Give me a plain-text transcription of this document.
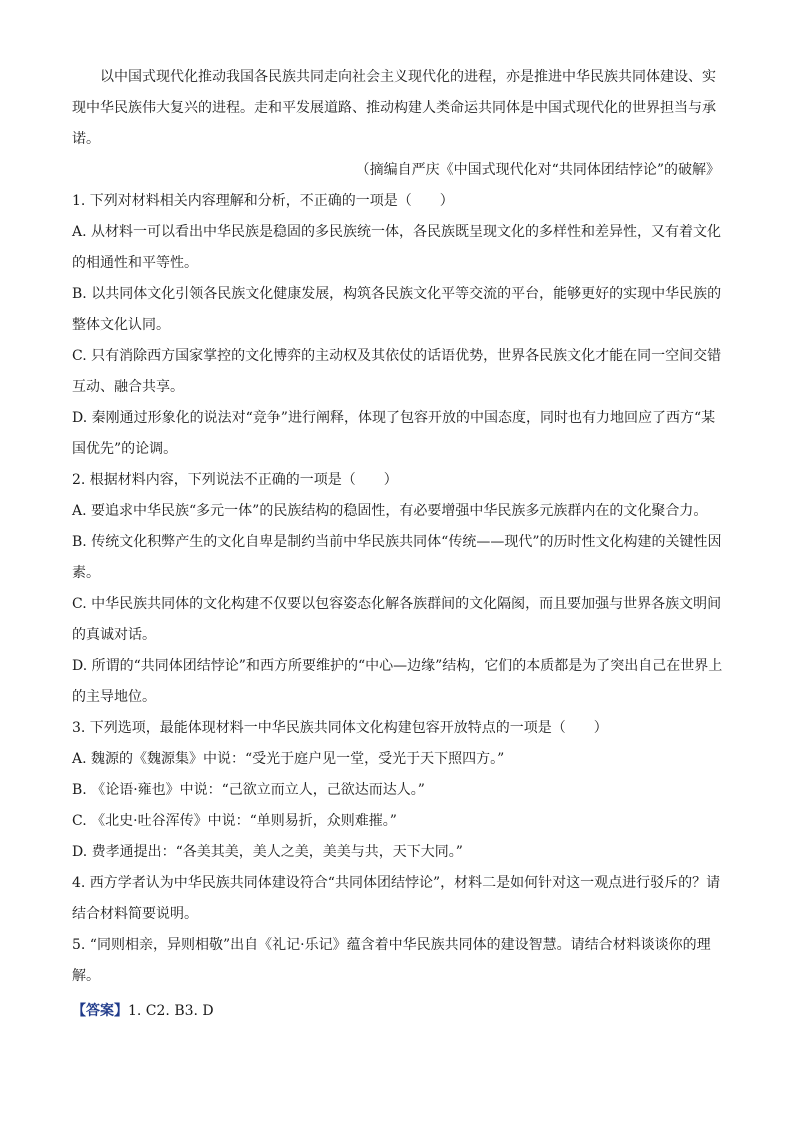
以中国式现代化推动我国各民族共同走向社会主义现代化的进程，亦是推进中华民族共同体建设、实现中华民族伟大复兴的进程。走和平发展道路、推动构建人类命运共同体是中国式现代化的世界担当与承诺。

（摘编自严庆《中国式现代化对“共同体团结悖论”的破解》

1. 下列对材料相关内容理解和分析，不正确的一项是（　　）

A. 从材料一可以看出中华民族是稳固的多民族统一体，各民族既呈现文化的多样性和差异性，又有着文化的相通性和平等性。

B. 以共同体文化引领各民族文化健康发展，构筑各民族文化平等交流的平台，能够更好的实现中华民族的整体文化认同。

C. 只有消除西方国家掌控的文化博弈的主动权及其依仗的话语优势，世界各民族文化才能在同一空间交错互动、融合共享。

D. 秦刚通过形象化的说法对“竞争”进行阐释，体现了包容开放的中国态度，同时也有力地回应了西方“某国优先”的论调。

2. 根据材料内容，下列说法不正确的一项是（　　）

A. 要追求中华民族“多元一体”的民族结构的稳固性，有必要增强中华民族多元族群内在的文化聚合力。

B. 传统文化积弊产生的文化自卑是制约当前中华民族共同体“传统——现代”的历时性文化构建的关键性因素。

C. 中华民族共同体的文化构建不仅要以包容姿态化解各族群间的文化隔阂，而且要加强与世界各族文明间的真诚对话。

D. 所谓的“共同体团结悖论”和西方所要维护的“中心—边缘”结构，它们的本质都是为了突出自己在世界上的主导地位。

3. 下列选项，最能体现材料一中华民族共同体文化构建包容开放特点的一项是（　　）

A. 魏源的《魏源集》中说：“受光于庭户见一堂，受光于天下照四方。”

B. 《论语·雍也》中说：“己欲立而立人，己欲达而达人。”

C. 《北史·吐谷浑传》中说：“单则易折，众则难摧。”

D. 费孝通提出：“各美其美，美人之美，美美与共，天下大同。”

4. 西方学者认为中华民族共同体建设符合“共同体团结悖论”，材料二是如何针对这一观点进行驳斥的？请结合材料简要说明。

5. “同则相亲，异则相敬”出自《礼记·乐记》蕴含着中华民族共同体的建设智慧。请结合材料谈谈你的理解。

【答案】1. C2. B3. D
